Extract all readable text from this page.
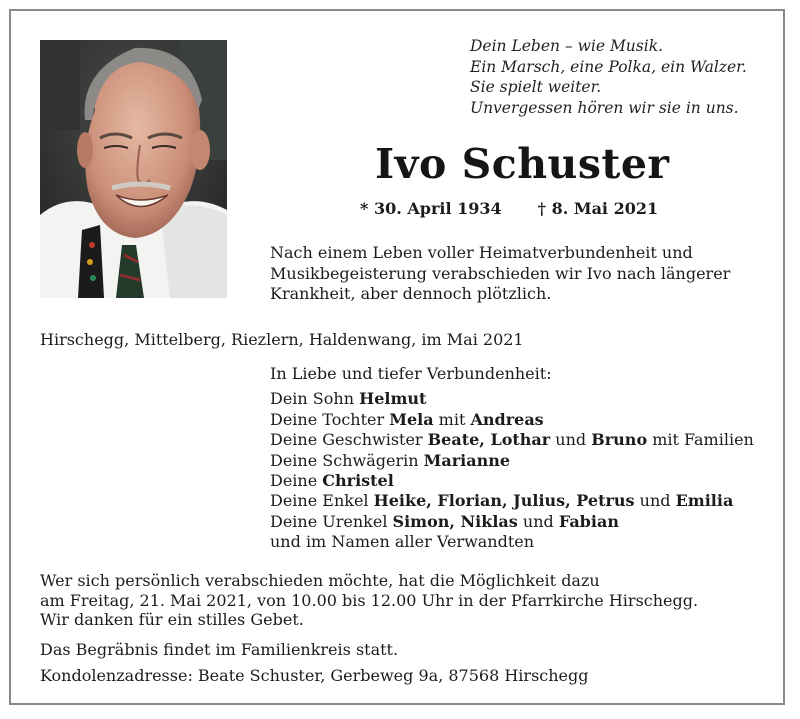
Dein Leben – wie Musik.
Ein Marsch, eine Polka, ein Walzer.
Sie spielt weiter.
Unvergessen hören wir sie in uns.
Ivo Schuster
* 30. April 1934 † 8. Mai 2021
Nach einem Leben voller Heimatverbundenheit und
Musikbegeisterung verabschieden wir Ivo nach längerer
Krankheit, aber dennoch plötzlich.
Hirschegg, Mittelberg, Riezlern, Haldenwang, im Mai 2021
In Liebe und tiefer Verbundenheit:
Dein Sohn Helmut
Deine Tochter Mela mit Andreas
Deine Geschwister Beate, Lothar und Bruno mit Familien
Deine Schwägerin Marianne
Deine Christel
Deine Enkel Heike, Florian, Julius, Petrus und Emilia
Deine Urenkel Simon, Niklas und Fabian
und im Namen aller Verwandten
Wer sich persönlich verabschieden möchte, hat die Möglichkeit dazu
am Freitag, 21. Mai 2021, von 10.00 bis 12.00 Uhr in der Pfarrkirche Hirschegg.
Wir danken für ein stilles Gebet.
Das Begräbnis findet im Familienkreis statt.
Kondolenzadresse: Beate Schuster, Gerbeweg 9a, 87568 Hirschegg
